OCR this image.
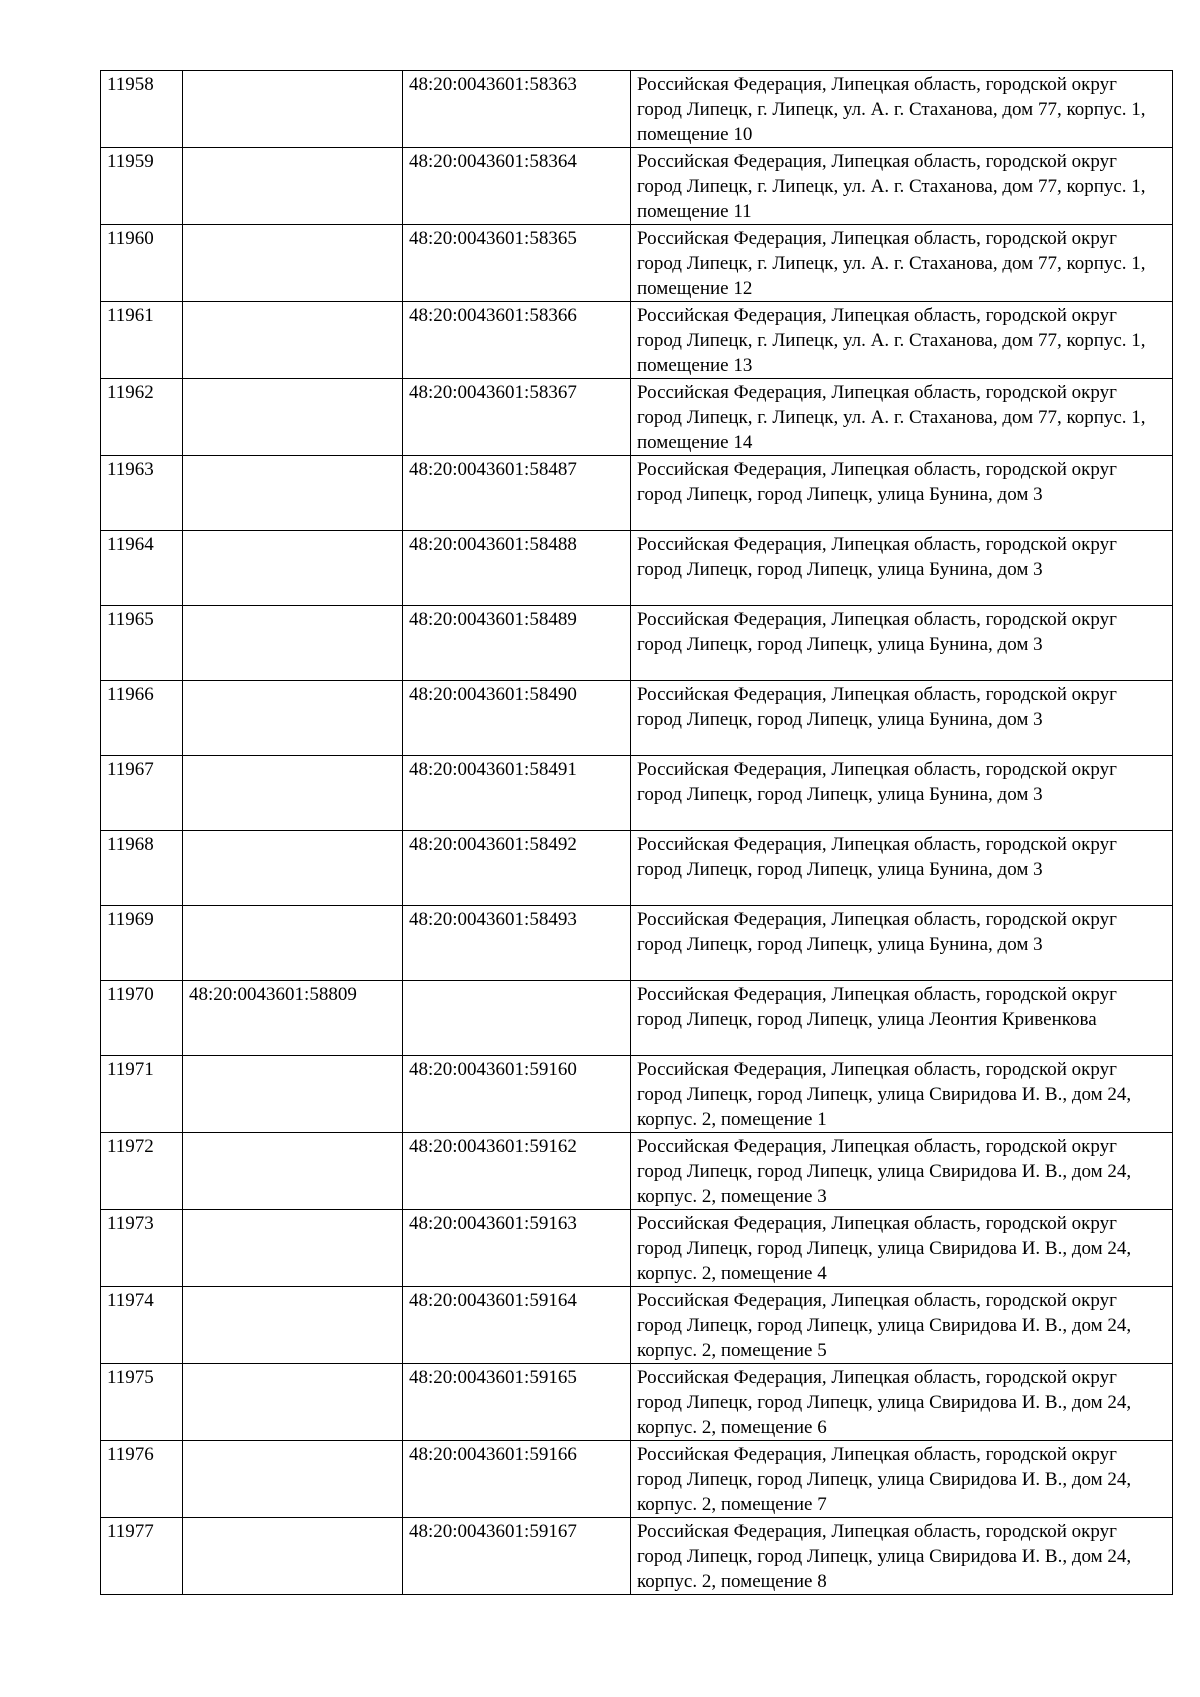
11958		48:20:0043601:58363	Российская Федерация, Липецкая область, городской округ город Липецк, г. Липецк, ул. А. г. Стаханова, дом 77, корпус. 1, помещение 10
11959		48:20:0043601:58364	Российская Федерация, Липецкая область, городской округ город Липецк, г. Липецк, ул. А. г. Стаханова, дом 77, корпус. 1, помещение 11
11960		48:20:0043601:58365	Российская Федерация, Липецкая область, городской округ город Липецк, г. Липецк, ул. А. г. Стаханова, дом 77, корпус. 1, помещение 12
11961		48:20:0043601:58366	Российская Федерация, Липецкая область, городской округ город Липецк, г. Липецк, ул. А. г. Стаханова, дом 77, корпус. 1, помещение 13
11962		48:20:0043601:58367	Российская Федерация, Липецкая область, городской округ город Липецк, г. Липецк, ул. А. г. Стаханова, дом 77, корпус. 1, помещение 14
11963		48:20:0043601:58487	Российская Федерация, Липецкая область, городской округ город Липецк, город Липецк, улица Бунина, дом 3
11964		48:20:0043601:58488	Российская Федерация, Липецкая область, городской округ город Липецк, город Липецк, улица Бунина, дом 3
11965		48:20:0043601:58489	Российская Федерация, Липецкая область, городской округ город Липецк, город Липецк, улица Бунина, дом 3
11966		48:20:0043601:58490	Российская Федерация, Липецкая область, городской округ город Липецк, город Липецк, улица Бунина, дом 3
11967		48:20:0043601:58491	Российская Федерация, Липецкая область, городской округ город Липецк, город Липецк, улица Бунина, дом 3
11968		48:20:0043601:58492	Российская Федерация, Липецкая область, городской округ город Липецк, город Липецк, улица Бунина, дом 3
11969		48:20:0043601:58493	Российская Федерация, Липецкая область, городской округ город Липецк, город Липецк, улица Бунина, дом 3
11970	48:20:0043601:58809		Российская Федерация, Липецкая область, городской округ город Липецк, город Липецк, улица Леонтия Кривенкова
11971		48:20:0043601:59160	Российская Федерация, Липецкая область, городской округ город Липецк, город Липецк, улица Свиридова И. В., дом 24, корпус. 2, помещение 1
11972		48:20:0043601:59162	Российская Федерация, Липецкая область, городской округ город Липецк, город Липецк, улица Свиридова И. В., дом 24, корпус. 2, помещение 3
11973		48:20:0043601:59163	Российская Федерация, Липецкая область, городской округ город Липецк, город Липецк, улица Свиридова И. В., дом 24, корпус. 2, помещение 4
11974		48:20:0043601:59164	Российская Федерация, Липецкая область, городской округ город Липецк, город Липецк, улица Свиридова И. В., дом 24, корпус. 2, помещение 5
11975		48:20:0043601:59165	Российская Федерация, Липецкая область, городской округ город Липецк, город Липецк, улица Свиридова И. В., дом 24, корпус. 2, помещение 6
11976		48:20:0043601:59166	Российская Федерация, Липецкая область, городской округ город Липецк, город Липецк, улица Свиридова И. В., дом 24, корпус. 2, помещение 7
11977		48:20:0043601:59167	Российская Федерация, Липецкая область, городской округ город Липецк, город Липецк, улица Свиридова И. В., дом 24, корпус. 2, помещение 8
